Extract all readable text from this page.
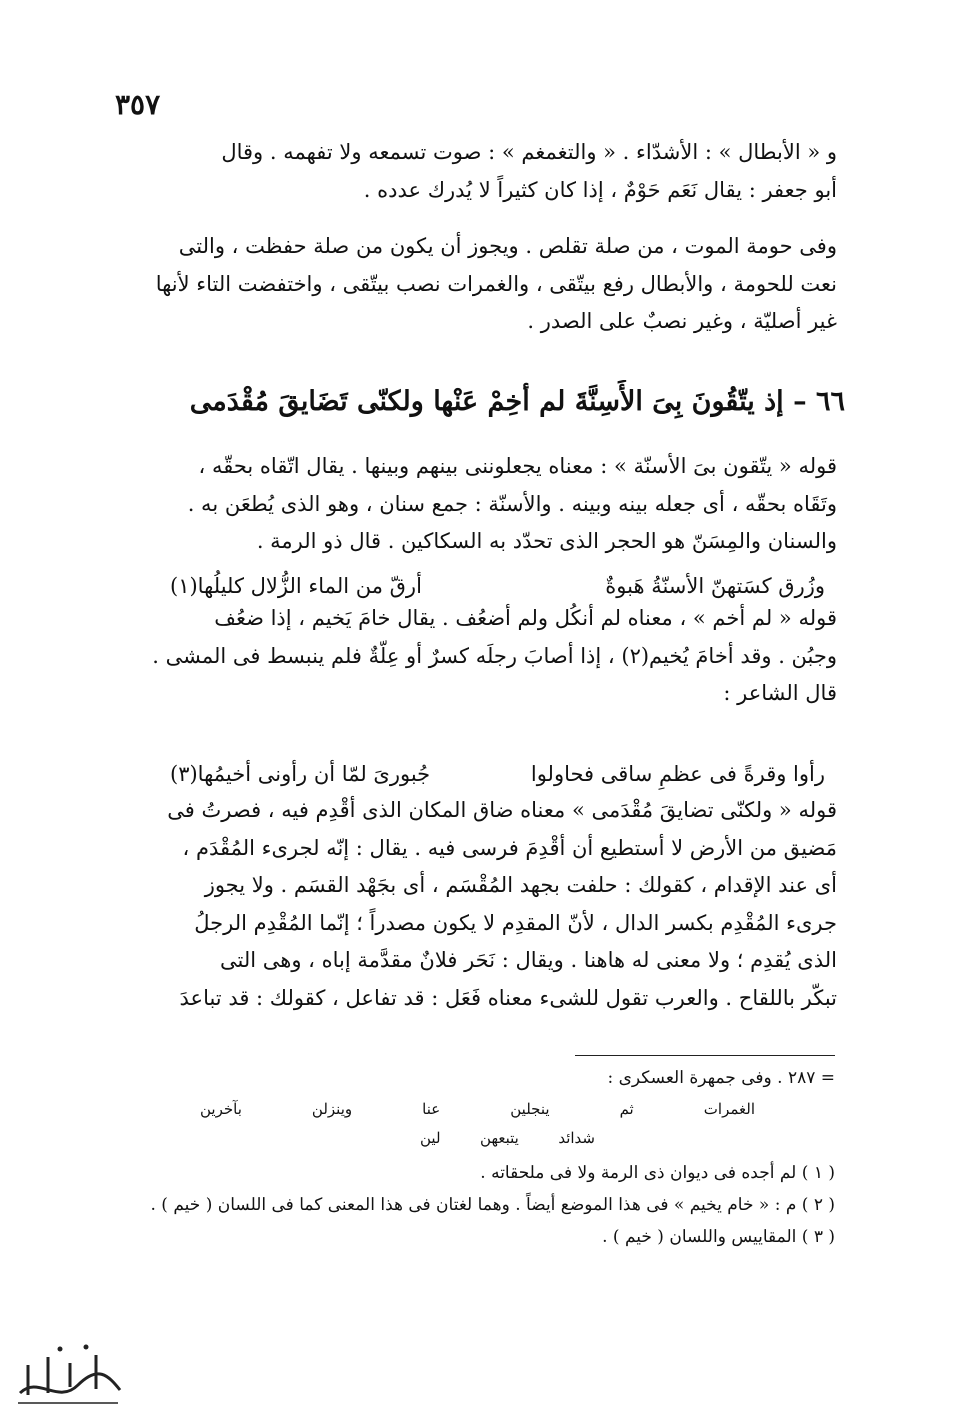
٣٥٧
و « الأبطال » : الأشدّاء . « والتغمغم » : صوت تسمعه ولا تفهمه . وقال
أبو جعفر : يقال نَعَم حَوْمٌ ، إذا كان كثيراً لا يُدرك عدده .
وفى حومة الموت ، من صلة تقلص . ويجوز أن يكون من صلة حفظت ، والتى
نعت للحومة ، والأبطال رفع بيتّقى ، والغمرات نصب بيتّقى ، واختفضت التاء لأنها
غير أصليّة ، وغير نصبٌ على الصدر .
٦٦ – إذ يتّقُونَ بِىَ الأَسِنَّةَ لم أخِمْ عَنْها ولكنّى تَضَايقَ مُقْدَمى
قوله « يتّقون بىَ الأسنّة » : معناه يجعلوننى بينهم وبينها . يقال اتّقاه بحقّه ،
وتَقَاه بحقّه ، أى جعله بينه وبينه . والأسنّة : جمع سنان ، وهو الذى يُطعَن به .
والسنان والمِسَنّ هو الحجر الذى تحدّد به السكاكين . قال ذو الرمة .
وزُرق كسَتهنّ الأسنّةُ هَبوةٌ
أرقّ من الماء الزُّلال كليلُها(١)
قوله « لم أخم » ، معناه لم أنكُل ولم أضعُف . يقال خامَ يَخيم ، إذا ضعُف
وجبُن . وقد أخامَ يُخيم(٢) ، إذا أصابَ رجلَه كسرٌ أو عِلّةٌ فلم ينبسط فى المشى .
قال الشاعر :
رأوا وقرةً فى عظمِ ساقى فحاولوا
جُبورىَ لمّا أن رأونى أخيمُها(٣)
قوله « ولكنّى تضايقَ مُقْدَمى » معناه ضاق المكان الذى أقْدِم فيه ، فصرتُ فى
مَضيق من الأرض لا أستطيع أن أقْدِمَ فرسى فيه . يقال : إنّه لجرىء المُقْدَم ،
أى عند الإقدام ، كقولك : حلفت بجهد المُقْسَم ، أى بجَهْد القسَم . ولا يجوز
جرىء المُقْدِم بكسر الدال ، لأنّ المقدِم لا يكون مصدراً ؛ إنّما المُقْدِم الرجلُ
الذى يُقدِم ؛ ولا معنى له هاهنا . ويقال : نَحَر فلانٌ مقدَّمة إباه ، وهى التى
تبكّر باللقاح . والعرب تقول للشىء معناه فَعَل : قد تفاعل ، كقولك : قد تباعدَ
= ٢٨٧ . وفى جمهرة العسكرى :
الغمرات
ثم
ينجلين
عنا
وينزلن
بآخرين
شدائد
يتبعهن
لين
( ١ ) لم أجده فى ديوان ذى الرمة ولا فى ملحقاته .
( ٢ ) م : « خام يخيم » فى هذا الموضع أيضاً . وهما لغتان فى هذا المعنى كما فى اللسان ( خيم ) .
( ٣ ) المقاييس واللسان ( خيم ) .
